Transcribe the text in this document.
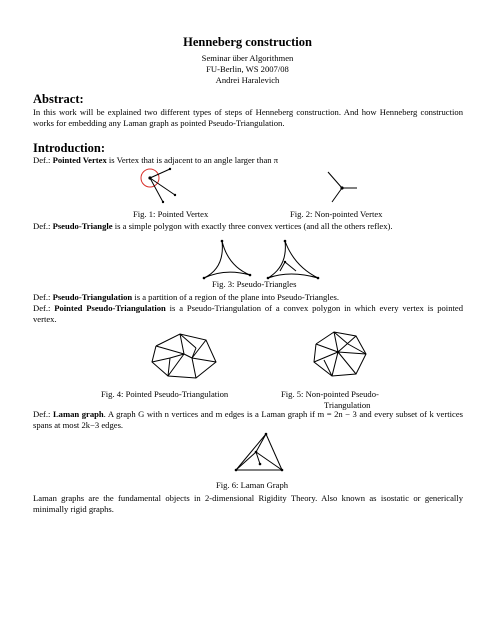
Henneberg construction
Seminar über Algorithmen
FU-Berlin, WS 2007/08
Andrei Haralevich
Abstract:
In this work will be explained two different types of steps of Henneberg construction. And how Henneberg construction works for embedding any Laman graph as pointed Pseudo-Triangulation.
Introduction:
Def.: Pointed Vertex is Vertex that is adjacent to an angle larger than π
Fig. 1: Pointed Vertex	Fig. 2: Non-pointed Vertex
Def.: Pseudo-Triangle is a simple polygon with exactly three convex vertices (and all the others reflex).
Fig. 3: Pseudo-Triangles
Def.: Pseudo-Triangulation is a partition of a region of the plane into Pseudo-Triangles.
Def.: Pointed Pseudo-Triangulation is a Pseudo-Triangulation of a convex polygon in which every vertex is pointed vertex.
Fig. 4: Pointed Pseudo-Triangulation	Fig. 5: Non-pointed Pseudo-
Triangulation
Def.: Laman graph. A graph G with n vertices and m edges is a Laman graph if m = 2n − 3 and every subset of k vertices spans at most 2k−3 edges.
Fig. 6: Laman Graph
Laman graphs are the fundamental objects in 2-dimensional Rigidity Theory. Also known as isostatic or generically minimally rigid graphs.
